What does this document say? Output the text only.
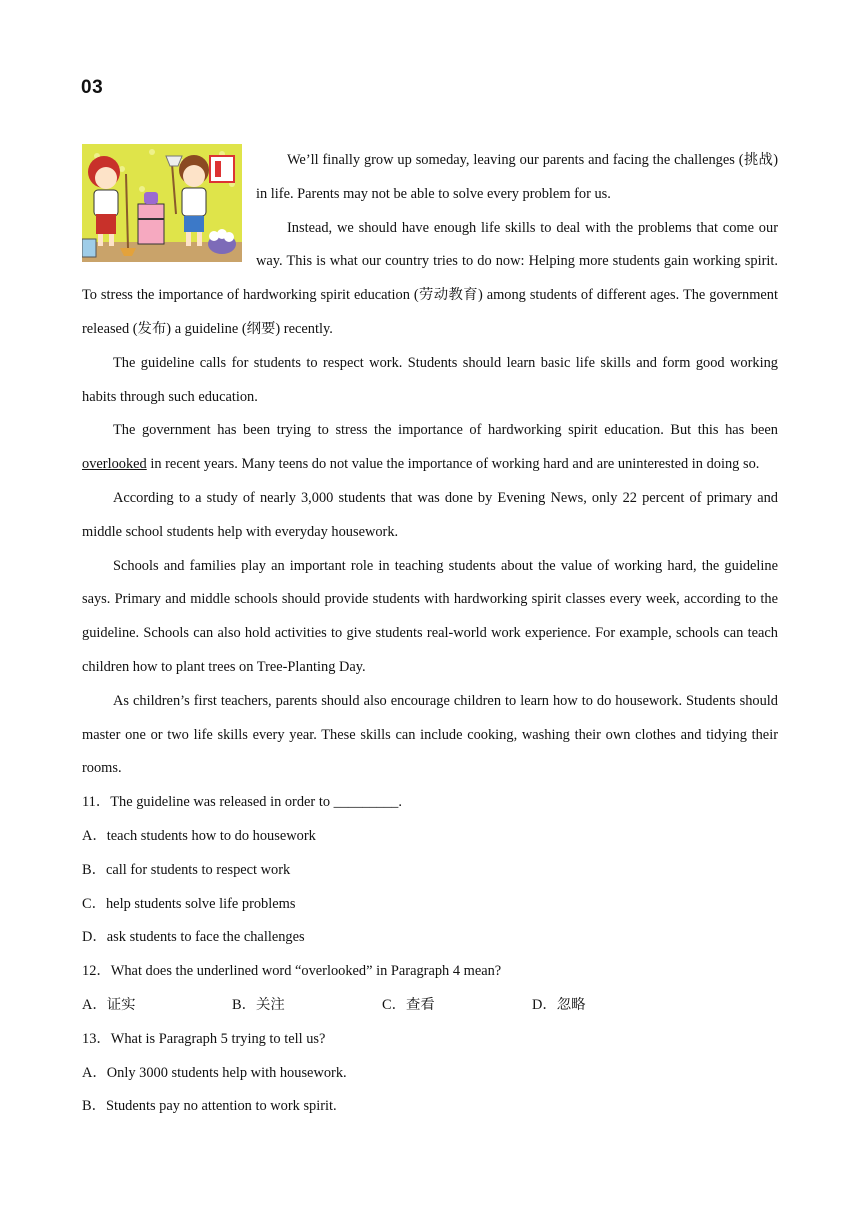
03

We’ll finally grow up someday, leaving our parents and facing the challenges (挑战) in life. Parents may not be able to solve every problem for us.

Instead, we should have enough life skills to deal with the problems that come our way. This is what our country tries to do now: Helping more students gain working spirit. To stress the importance of hardworking spirit education (劳动教育) among students of different ages. The government released (发布) a guideline (纲要) recently.

The guideline calls for students to respect work. Students should learn basic life skills and form good working habits through such education.

The government has been trying to stress the importance of hardworking spirit education. But this has been overlooked in recent years. Many teens do not value the importance of working hard and are uninterested in doing so.

According to a study of nearly 3,000 students that was done by Evening News, only 22 percent of primary and middle school students help with everyday housework.

Schools and families play an important role in teaching students about the value of working hard, the guideline says. Primary and middle schools should provide students with hardworking spirit classes every week, according to the guideline. Schools can also hold activities to give students real-world work experience. For example, schools can teach children how to plant trees on Tree-Planting Day.

As children’s first teachers, parents should also encourage children to learn how to do housework. Students should master one or two life skills every year. These skills can include cooking, washing their own clothes and tidying their rooms.

11．The guideline was released in order to _________.

A．teach students how to do housework

B．call for students to respect work

C．help students solve life problems

D．ask students to face the challenges

12．What does the underlined word “overlooked” in Paragraph 4 mean?

A．证实	B．关注	C．查看	D．忽略

13．What is Paragraph 5 trying to tell us?

A．Only 3000 students help with housework.

B．Students pay no attention to work spirit.
